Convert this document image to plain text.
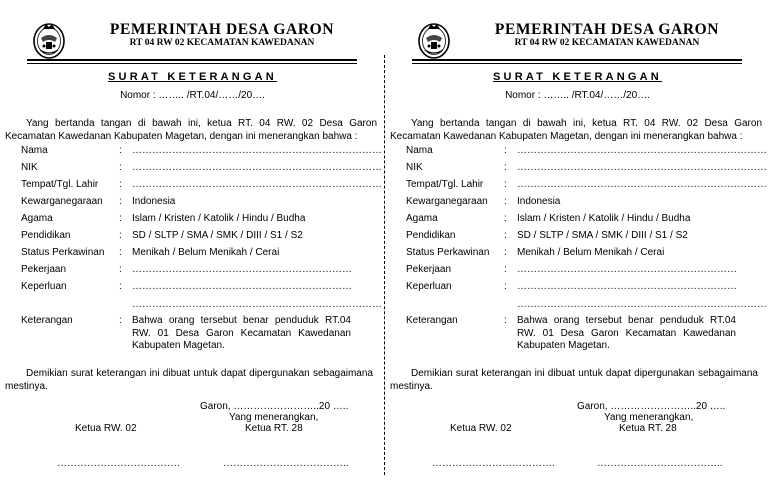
PEMERINTAH DESA GARON
RT 04 RW 02 KECAMATAN KAWEDANAN
SURAT KETERANGAN
Nomor : …….. /RT.04/……/20….
Yang bertanda tangan di bawah ini, ketua RT. 04 RW. 02 Desa Garon Kecamatan Kawedanan Kabupaten Magetan, dengan ini menerangkan bahwa :
Nama	: …………………………………………………………………
NIK	: …………………………………………………………………
Tempat/Tgl. Lahir : …………………………………………………………………
Kewarganegaraan : Indonesia
Agama	: Islam / Kristen / Katolik / Hindu / Budha
Pendidikan	: SD / SLTP / SMA / SMK / DIII / S1 / S2
Status Perkawinan : Menikah / Belum Menikah / Cerai
Pekerjaan	: …………………………………………………………
Keperluan	: …………………………………………………………
…………………………………………………………………
Keterangan	: Bahwa orang tersebut benar penduduk RT.04 RW. 01 Desa Garon Kecamatan Kawedanan Kabupaten Magetan.
Demikian surat keterangan ini dibuat untuk dapat dipergunakan sebagaimana mestinya.
Garon, ……………………..20 …..
Yang menerangkan,
Ketua RW. 02	Ketua RT. 28
……………………………….	………………………………..
PEMERINTAH DESA GARON
RT 04 RW 02 KECAMATAN KAWEDANAN
SURAT KETERANGAN
Nomor : …….. /RT.04/……/20….
Yang bertanda tangan di bawah ini, ketua RT. 04 RW. 02 Desa Garon Kecamatan Kawedanan Kabupaten Magetan, dengan ini menerangkan bahwa :
Nama	: …………………………………………………………………
NIK	: …………………………………………………………………
Tempat/Tgl. Lahir : …………………………………………………………………
Kewarganegaraan : Indonesia
Agama	: Islam / Kristen / Katolik / Hindu / Budha
Pendidikan	: SD / SLTP / SMA / SMK / DIII / S1 / S2
Status Perkawinan : Menikah / Belum Menikah / Cerai
Pekerjaan	: …………………………………………………………
Keperluan	: …………………………………………………………
…………………………………………………………………
Keterangan	: Bahwa orang tersebut benar penduduk RT.04 RW. 01 Desa Garon Kecamatan Kawedanan Kabupaten Magetan.
Demikian surat keterangan ini dibuat untuk dapat dipergunakan sebagaimana mestinya.
Garon, ……………………..20 …..
Yang menerangkan,
Ketua RW. 02	Ketua RT. 28
……………………………….	………………………………..
